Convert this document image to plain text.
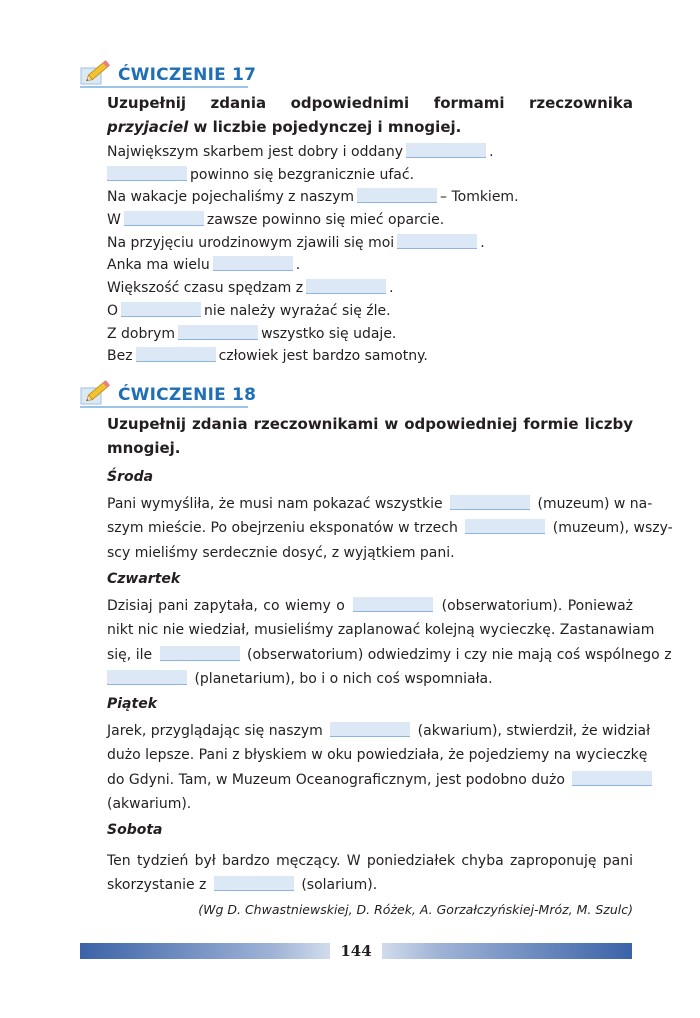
ĆWICZENIE 17
Uzupełnij zdania odpowiednimi formami rzeczownika przyjaciel w liczbie pojedynczej i mnogiej.
Największym skarbem jest dobry i oddany	.
powinno się bezgranicznie ufać.
Na wakacje pojechaliśmy z naszym	– Tomkiem.
W	zawsze powinno się mieć oparcie.
Na przyjęciu urodzinowym zjawili się moi	.
Anka ma wielu	.
Większość czasu spędzam z	.
O	nie należy wyrażać się źle.
Z dobrym	wszystko się udaje.
Bez	człowiek jest bardzo samotny.
ĆWICZENIE 18
Uzupełnij zdania rzeczownikami w odpowiedniej formie liczby mnogiej.
Środa
Pani wymyśliła, że musi nam pokazać wszystkie	(muzeum) w na-
szym mieście. Po obejrzeniu eksponatów w trzech	(muzeum), wszy-
scy mieliśmy serdecznie dosyć, z wyjątkiem pani.
Czwartek
Dzisiaj pani zapytała, co wiemy o	(obserwatorium). Ponieważ
nikt nic nie wiedział, musieliśmy zaplanować kolejną wycieczkę. Zastanawiam
się, ile	(obserwatorium) odwiedzimy i czy nie mają coś wspólnego z
(planetarium), bo i o nich coś wspomniała.
Piątek
Jarek, przyglądając się naszym	(akwarium), stwierdził, że widział
dużo lepsze. Pani z błyskiem w oku powiedziała, że pojedziemy na wycieczkę
do Gdyni. Tam, w Muzeum Oceanograficznym, jest podobno dużo
(akwarium).
Sobota
Ten tydzień był bardzo męczący. W poniedziałek chyba zaproponuję pani
skorzystanie z	(solarium).
(Wg D. Chwastniewskiej, D. Różek, A. Gorzałczyńskiej-Mróz, M. Szulc)
144
